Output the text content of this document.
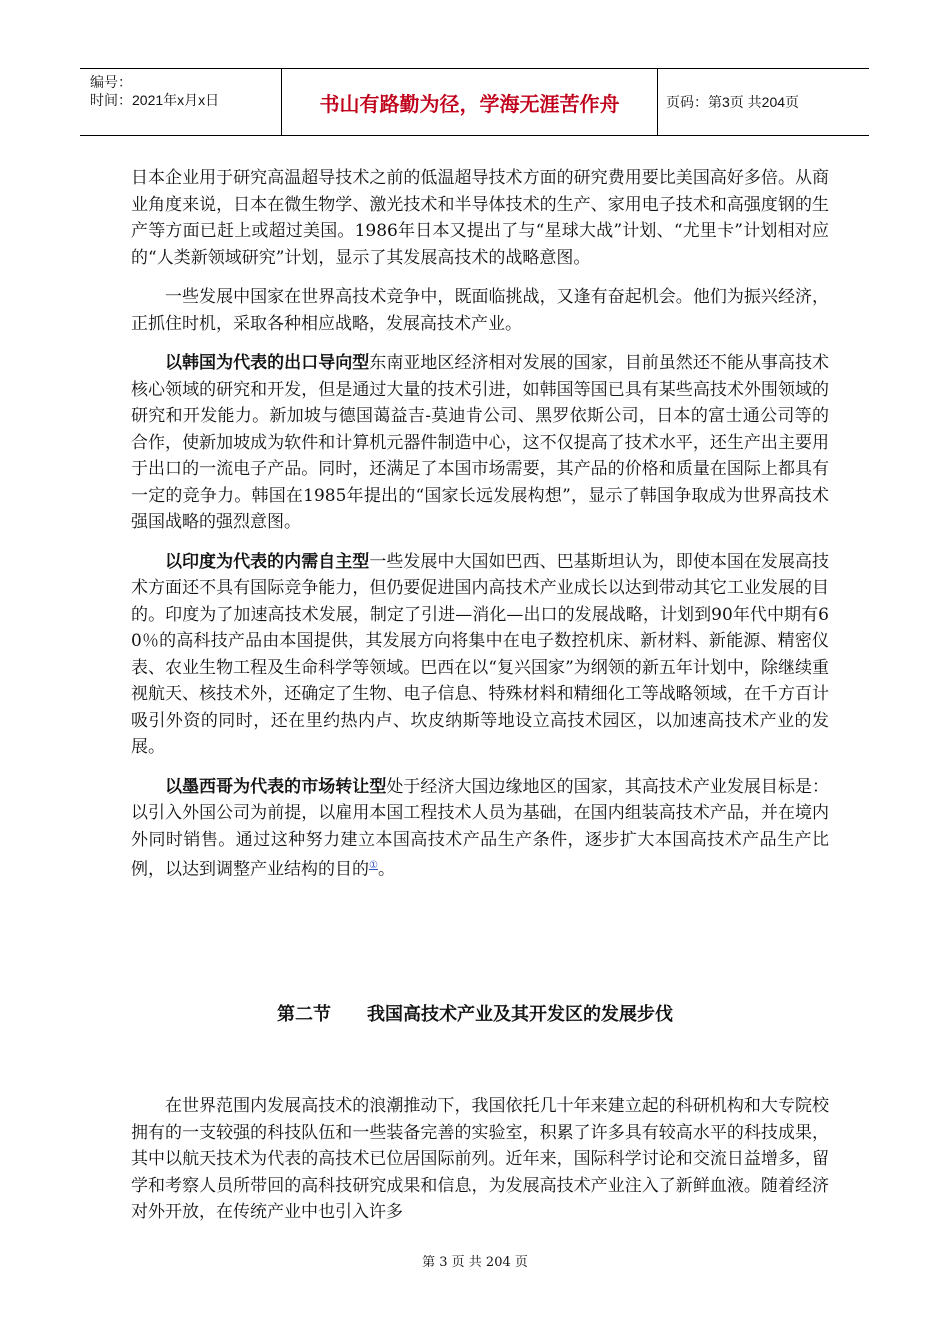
编号：
时间：2021年x月x日	书山有路勤为径，学海无涯苦作舟	页码：第3页 共204页

日本企业用于研究高温超导技术之前的低温超导技术方面的研究费用要比美国高好多倍。从商业角度来说，日本在微生物学、激光技术和半导体技术的生产、家用电子技术和高强度钢的生产等方面已赶上或超过美国。1986年日本又提出了与“星球大战”计划、“尤里卡”计划相对应的“人类新领域研究”计划，显示了其发展高技术的战略意图。

一些发展中国家在世界高技术竞争中，既面临挑战，又逢有奋起机会。他们为振兴经济，正抓住时机，采取各种相应战略，发展高技术产业。

以韩国为代表的出口导向型东南亚地区经济相对发展的国家，目前虽然还不能从事高技术核心领域的研究和开发，但是通过大量的技术引进，如韩国等国已具有某些高技术外围领域的研究和开发能力。新加坡与德国蔼益吉-莫迪肯公司、黑罗依斯公司，日本的富士通公司等的合作，使新加坡成为软件和计算机元器件制造中心，这不仅提高了技术水平，还生产出主要用于出口的一流电子产品。同时，还满足了本国市场需要，其产品的价格和质量在国际上都具有一定的竞争力。韩国在1985年提出的“国家长远发展构想”，显示了韩国争取成为世界高技术强国战略的强烈意图。

以印度为代表的内需自主型一些发展中大国如巴西、巴基斯坦认为，即使本国在发展高技术方面还不具有国际竞争能力，但仍要促进国内高技术产业成长以达到带动其它工业发展的目的。印度为了加速高技术发展，制定了引进—消化—出口的发展战略，计划到90年代中期有60％的高科技产品由本国提供，其发展方向将集中在电子数控机床、新材料、新能源、精密仪表、农业生物工程及生命科学等领域。巴西在以“复兴国家”为纲领的新五年计划中，除继续重视航天、核技术外，还确定了生物、电子信息、特殊材料和精细化工等战略领域，在千方百计吸引外资的同时，还在里约热内卢、坎皮纳斯等地设立高技术园区，以加速高技术产业的发展。

以墨西哥为代表的市场转让型处于经济大国边缘地区的国家，其高技术产业发展目标是：以引入外国公司为前提，以雇用本国工程技术人员为基础，在国内组装高技术产品，并在境内外同时销售。通过这种努力建立本国高技术产品生产条件，逐步扩大本国高技术产品生产比例，以达到调整产业结构的目的①。

第二节 我国高技术产业及其开发区的发展步伐

在世界范围内发展高技术的浪潮推动下，我国依托几十年来建立起的科研机构和大专院校拥有的一支较强的科技队伍和一些装备完善的实验室，积累了许多具有较高水平的科技成果，其中以航天技术为代表的高技术已位居国际前列。近年来，国际科学讨论和交流日益增多，留学和考察人员所带回的高科技研究成果和信息，为发展高技术产业注入了新鲜血液。随着经济对外开放，在传统产业中也引入许多

第 3 页 共 204 页
